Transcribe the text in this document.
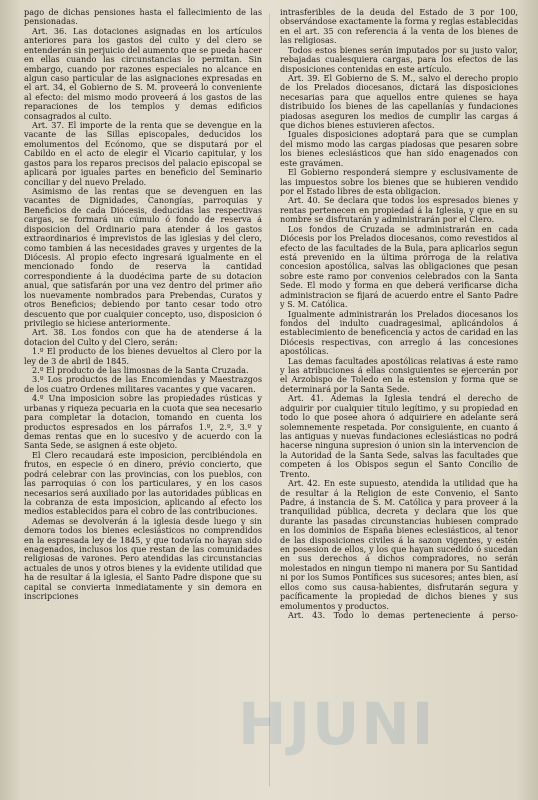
pago de dichas pensiones hasta el fallecimiento de las pensionadas.

Art. 36. Las dotaciones asignadas en los artículos anteriores para los gastos del culto y del clero se entenderán sin perjuicio del aumento que se pueda hacer en ellas cuando las circunstancias lo permitan. Sin embargo, cuando por razones especiales no alcance en algun caso particular de las asignaciones expresadas en el art. 34, el Gobierno de S. M. proveerá lo conveniente al efecto: del mismo modo proveerá á los gastos de las reparaciones de los templos y demas edificios consagrados al culto.

Art. 37. El importe de la renta que se devengue en la vacante de las Sillas episcopales, deducidos los emolumentos del Ecónomo, que se disputará por el Cabildo en el acto de elegir el Vicario capitular, y los gastos para los reparos precisos del palacio episcopal se aplicará por iguales partes en beneficio del Seminario conciliar y del nuevo Prelado.

Asimismo de las rentas que se devenguen en las vacantes de Dignidades, Canongías, parroquias y Beneficios de cada Diócesis, deducidas las respectivas cargas, se formará un cúmulo ó fondo de reserva á disposicion del Ordinario para atender á los gastos extraordinarios é imprevistos de las iglesias y del clero, como tambien á las necesidades graves y urgentes de la Diócesis. Al propio efecto ingresará igualmente en el mencionado fondo de reserva la cantidad correspondiente á la duodécima parte de su dotacion anual, que satisfarán por una vez dentro del primer año los nuevamente nombrados para Prebendas, Curatos y otros Beneficios; debiendo por tanto cesar todo otro descuento que por cualquier concepto, uso, disposicion ó privilegio se hiciese anteriormente.

Art. 38. Los fondos con que ha de atenderse á la dotacion del Culto y del Clero, serán:

1.º El producto de los bienes devueltos al Clero por la ley de 3 de abril de 1845.

2.º El producto de las limosnas de la Santa Cruzada.

3.º Los productos de las Encomiendas y Maestrazgos de los cuatro Ordenes militares vacantes y que vacaren.

4.º Una imposicion sobre las propiedades rústicas y urbanas y riqueza pecuaria en la cuota que sea necesario para completar la dotacion, tomando en cuenta los productos espresados en los párrafos 1.º, 2.º, 3.º y demas rentas que en lo sucesivo y de acuerdo con la Santa Sede, se asignen á este objeto.

El Clero recaudará este imposicion, percibiéndola en frutos, en especie ó en dinero, prévio concierto, que podrá celebrar con las provincias, con los pueblos, con las parroquias ó con los particulares, y en los casos necesarios será auxiliado por las autoridades públicas en la cobranza de esta imposicion, aplicando al efecto los medios establecidos para el cobro de las contribuciones.

Ademas se devolverán á la iglesia desde luego y sin demora todos los bienes eclesiásticos no comprendidos en la espresada ley de 1845, y que todavía no hayan sido enagenados, inclusos los que restan de las comunidades religiosas de varones. Pero atendidas las circunstancias actuales de unos y otros bienes y la evidente utilidad que ha de resultar á la iglesia, el Santo Padre dispone que su capital se convierta inmediatamente y sin demora en inscripciones

intrasferibles de la deuda del Estado de 3 por 100, observándose exactamente la forma y reglas establecidas en el art. 35 con referencia á la venta de los bienes de las religiosas.

Todos estos bienes serán imputados por su justo valor, rebajadas cualesquiera cargas, para los efectos de las disposiciones contenidas en este artículo.

Art. 39. El Gobierno de S. M., salvo el derecho propio de los Prelados diocesanos, dictará las disposiciones necesarias para que aquellos entre quienes se haya distribuido los bienes de las capellanías y fundaciones piadosas aseguren los medios de cumplir las cargas á que dichos bienes estuvieren afectos.

Iguales disposiciones adoptará para que se cumplan del mismo modo las cargas piadosas que pesaren sobre los bienes eclesiásticos que han sido enagenados con este gravámen.

El Gobierno responderá siempre y esclusivamente de las impuestos sobre los bienes que se hubieren vendido por el Estado libres de esta obligacion.

Art. 40. Se declara que todos los espresados bienes y rentas pertenecen en propiedad á la Iglesia, y que en su nombre se disfrutarán y administrarán por el Clero.

Los fondos de Cruzada se administrarán en cada Diócesis por los Prelados diocesanos, como revestidos al efecto de las facultades de la Bula, para aplicarlos segun está prevenido en la última prórroga de la relativa concesion apostólica, salvas las obligaciones que pesan sobre este ramo por convenios celebrados con la Santa Sede. El modo y forma en que deberá verificarse dicha administracion se fijará de acuerdo entre el Santo Padre y S. M. Católica.

Igualmente administrarán los Prelados diocesanos los fondos del indulto cuadragesimal, aplicándolos á establecimiento de beneficencia y actos de caridad en las Diócesis respectivas, con arreglo á las concesiones apostólicas.

Las demas facultades apostólicas relativas á este ramo y las atribuciones á ellas consiguientes se ejercerán por el Arzobispo de Toledo en la estension y forma que se determinará por la Santa Sede.

Art. 41. Ademas la Iglesia tendrá el derecho de adquirir por cualquier título legítimo, y su propiedad en todo lo que posee ahora ó adquiriere en adelante será solemnemente respetada. Por consiguiente, en cuanto á las antiguas y nuevas fundaciones eclesiásticas no podrá hacerse ninguna supresion ó union sin la intervencion de la Autoridad de la Santa Sede, salvas las facultades que competen á los Obispos segun el Santo Concilio de Trento.

Art. 42. En este supuesto, atendida la utilidad que ha de resultar á la Religion de este Convenio, el Santo Padre, á instancia de S. M. Católica y para proveer á la tranquilidad pública, decreta y declara que los que durante las pasadas circunstancias hubiesen comprado en los dominios de España bienes eclesiásticos, al tenor de las disposiciones civiles á la sazon vigentes, y estén en posesion de ellos, y los que hayan sucedido ó sucedan en sus derechos á dichos compradores, no serán molestados en ningun tiempo ni manera por Su Santidad ni por los Sumos Pontífices sus sucesores; antes bien, así ellos como sus causa-habientes, disfrutarán segura y pacíficamente la propiedad de dichos bienes y sus emolumentos y productos.

Art. 43. Todo lo demas perteneciente á perso-

HJUNI
